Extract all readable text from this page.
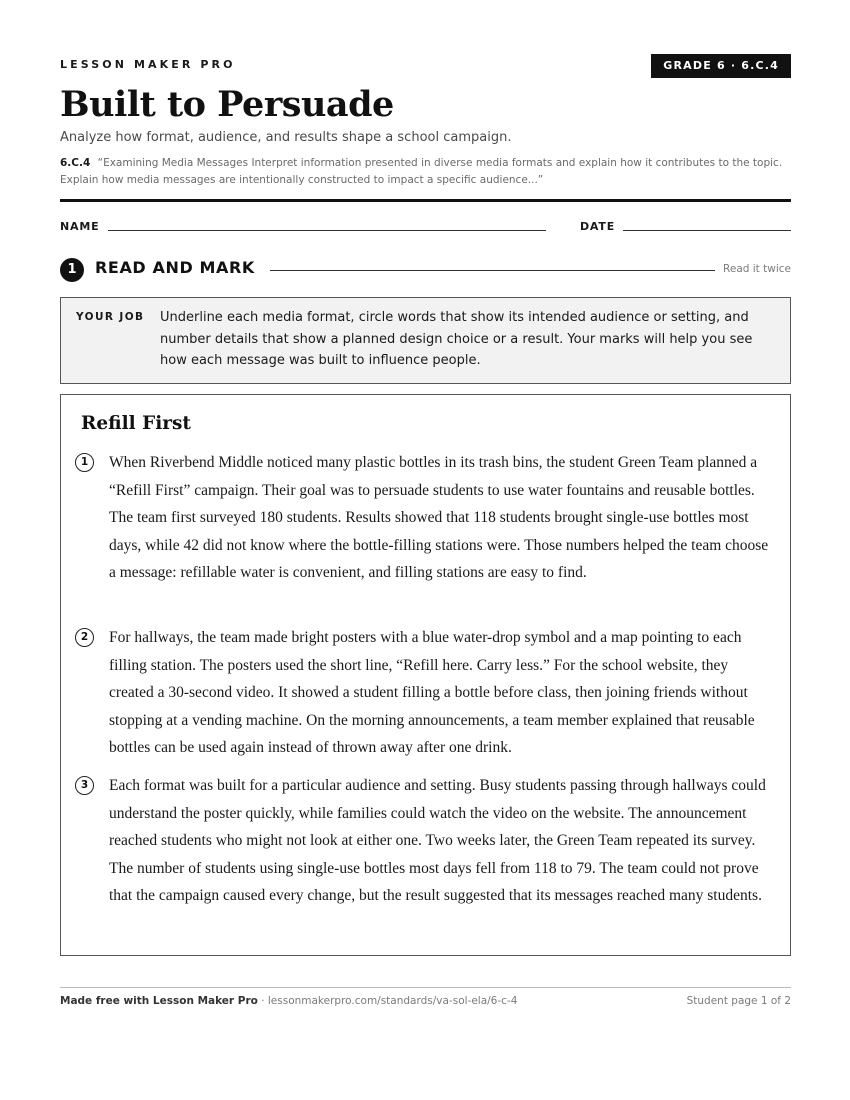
LESSON MAKER PRO	GRADE 6 · 6.C.4
Built to Persuade
Analyze how format, audience, and results shape a school campaign.
6.C.4 “Examining Media Messages Interpret information presented in diverse media formats and explain how it contributes to the topic. Explain how media messages are intentionally constructed to impact a specific audience...”
NAME	DATE
1	READ AND MARK	Read it twice
YOUR JOB Underline each media format, circle words that show its intended audience or setting, and number details that show a planned design choice or a result. Your marks will help you see how each message was built to influence people.
Refill First
1	When Riverbend Middle noticed many plastic bottles in its trash bins, the student Green Team planned a “Refill First” campaign. Their goal was to persuade students to use water fountains and reusable bottles. The team first surveyed 180 students. Results showed that 118 students brought single-use bottles most days, while 42 did not know where the bottle-filling stations were. Those numbers helped the team choose a message: refillable water is convenient, and filling stations are easy to find.
2	For hallways, the team made bright posters with a blue water-drop symbol and a map pointing to each filling station. The posters used the short line, “Refill here. Carry less.” For the school website, they created a 30-second video. It showed a student filling a bottle before class, then joining friends without stopping at a vending machine. On the morning announcements, a team member explained that reusable bottles can be used again instead of thrown away after one drink.
3	Each format was built for a particular audience and setting. Busy students passing through hallways could understand the poster quickly, while families could watch the video on the website. The announcement reached students who might not look at either one. Two weeks later, the Green Team repeated its survey. The number of students using single-use bottles most days fell from 118 to 79. The team could not prove that the campaign caused every change, but the result suggested that its messages reached many students.
Made free with Lesson Maker Pro · lessonmakerpro.com/standards/va-sol-ela/6-c-4	Student page 1 of 2
